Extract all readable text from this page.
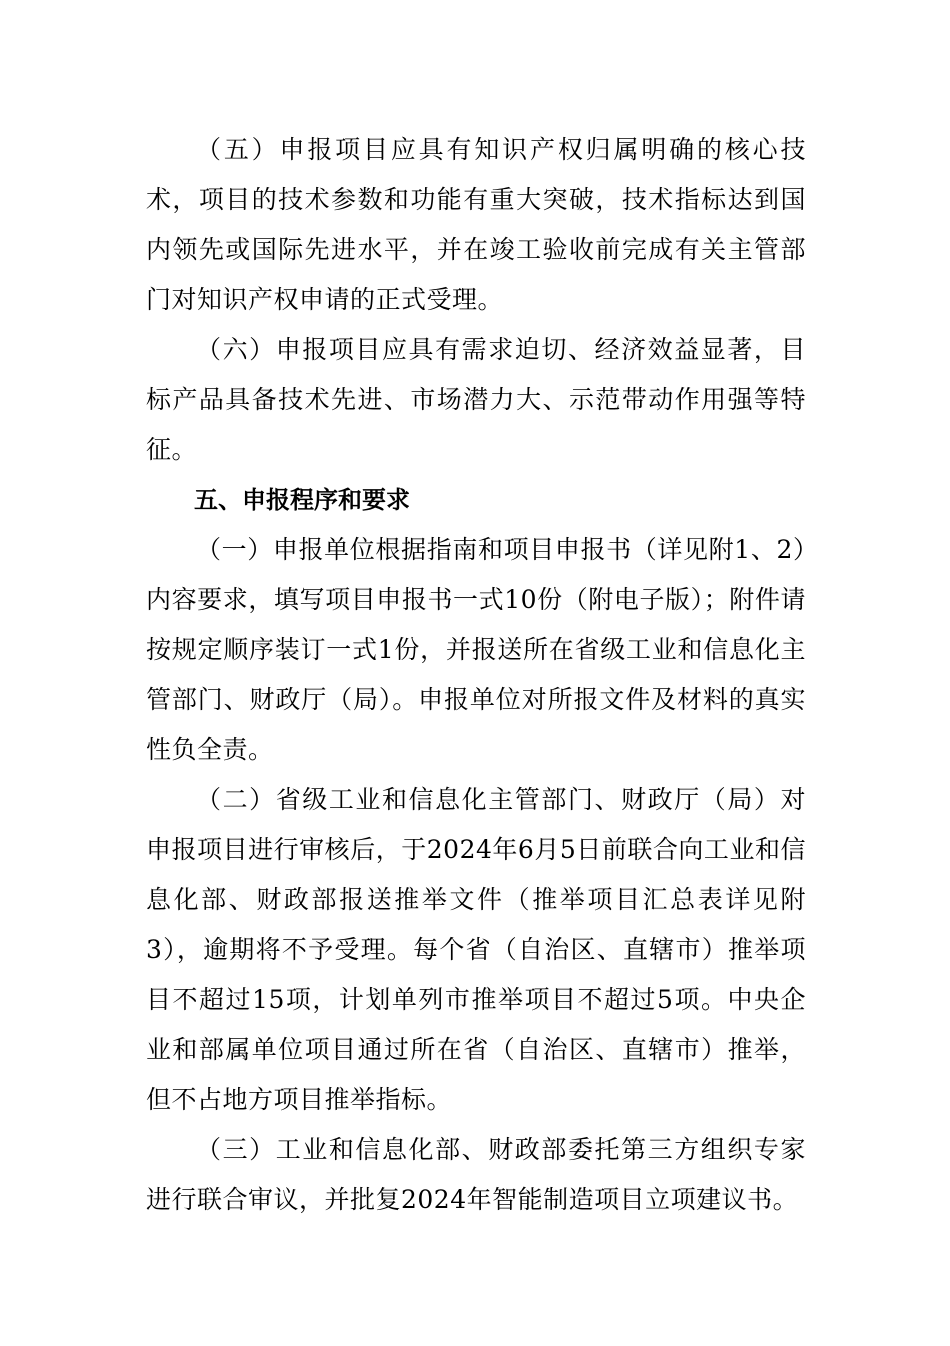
（五）申报项目应具有知识产权归属明确的核心技术，项目的技术参数和功能有重大突破，技术指标达到国内领先或国际先进水平，并在竣工验收前完成有关主管部门对知识产权申请的正式受理。

（六）申报项目应具有需求迫切、经济效益显著，目标产品具备技术先进、市场潜力大、示范带动作用强等特征。

五、申报程序和要求

（一）申报单位根据指南和项目申报书（详见附1、2）内容要求，填写项目申报书一式10份（附电子版）；附件请按规定顺序装订一式1份，并报送所在省级工业和信息化主管部门、财政厅（局）。申报单位对所报文件及材料的真实性负全责。

（二）省级工业和信息化主管部门、财政厅（局）对申报项目进行审核后，于2024年6月5日前联合向工业和信息化部、财政部报送推举文件（推举项目汇总表详见附3），逾期将不予受理。每个省（自治区、直辖市）推举项目不超过15项，计划单列市推举项目不超过5项。中央企业和部属单位项目通过所在省（自治区、直辖市）推举，但不占地方项目推举指标。

（三）工业和信息化部、财政部委托第三方组织专家进行联合审议，并批复2024年智能制造项目立项建议书。
